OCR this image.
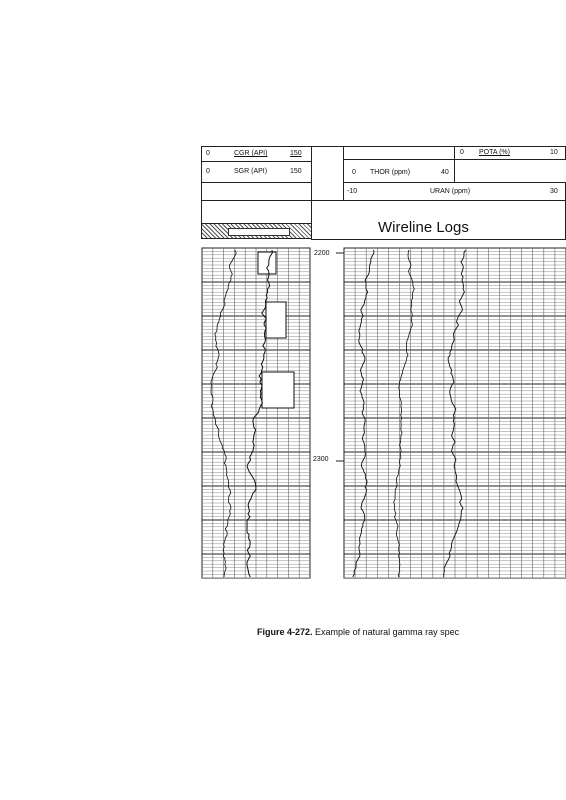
0	CGR (API)	150
0	SGR (API)	150
0 POTA (%)	10
0 THOR (ppm)	40
-10	URAN (ppm)	30
Wireline Logs
2200
2300
Figure 4-272. Example of natural gamma ray spec
